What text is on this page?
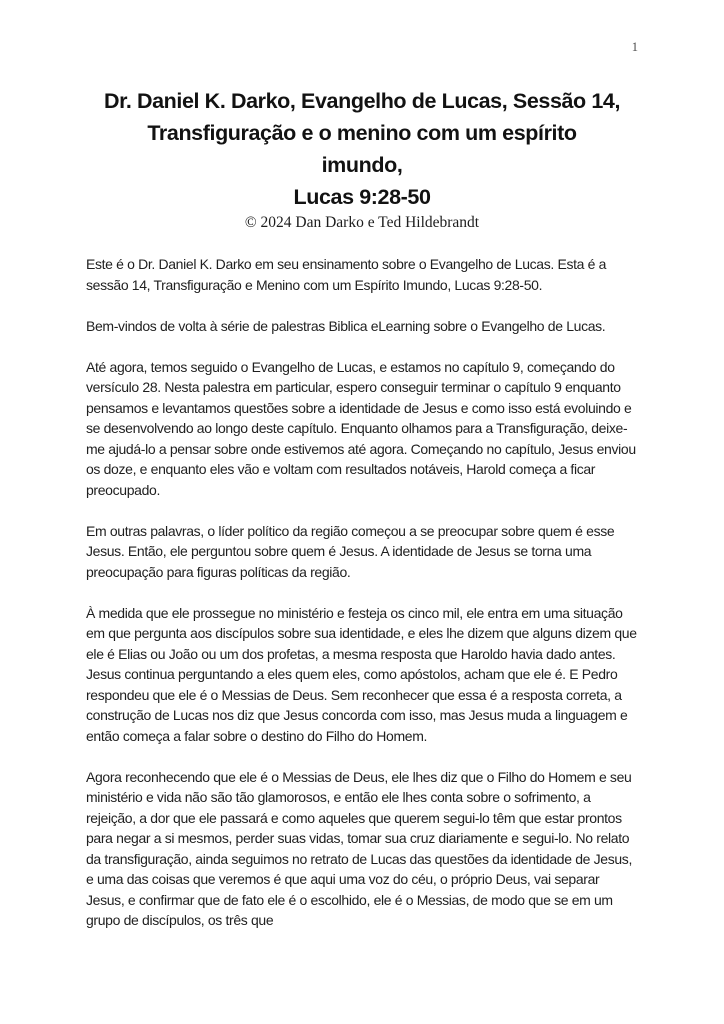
1
Dr. Daniel K. Darko, Evangelho de Lucas, Sessão 14,
Transfiguração e o menino com um espírito
imundo,
Lucas 9:28-50
© 2024 Dan Darko e Ted Hildebrandt

Este é o Dr. Daniel K. Darko em seu ensinamento sobre o Evangelho de Lucas. Esta é a sessão 14, Transfiguração e Menino com um Espírito Imundo, Lucas 9:28-50.

Bem-vindos de volta à série de palestras Biblica eLearning sobre o Evangelho de Lucas.

Até agora, temos seguido o Evangelho de Lucas, e estamos no capítulo 9, começando do versículo 28. Nesta palestra em particular, espero conseguir terminar o capítulo 9 enquanto pensamos e levantamos questões sobre a identidade de Jesus e como isso está evoluindo e se desenvolvendo ao longo deste capítulo. Enquanto olhamos para a Transfiguração, deixe-me ajudá-lo a pensar sobre onde estivemos até agora. Começando no capítulo, Jesus enviou os doze, e enquanto eles vão e voltam com resultados notáveis, Harold começa a ficar preocupado.

Em outras palavras, o líder político da região começou a se preocupar sobre quem é esse Jesus. Então, ele perguntou sobre quem é Jesus. A identidade de Jesus se torna uma preocupação para figuras políticas da região.

À medida que ele prossegue no ministério e festeja os cinco mil, ele entra em uma situação em que pergunta aos discípulos sobre sua identidade, e eles lhe dizem que alguns dizem que ele é Elias ou João ou um dos profetas, a mesma resposta que Haroldo havia dado antes. Jesus continua perguntando a eles quem eles, como apóstolos, acham que ele é. E Pedro respondeu que ele é o Messias de Deus. Sem reconhecer que essa é a resposta correta, a construção de Lucas nos diz que Jesus concorda com isso, mas Jesus muda a linguagem e então começa a falar sobre o destino do Filho do Homem.

Agora reconhecendo que ele é o Messias de Deus, ele lhes diz que o Filho do Homem e seu ministério e vida não são tão glamorosos, e então ele lhes conta sobre o sofrimento, a rejeição, a dor que ele passará e como aqueles que querem segui-lo têm que estar prontos para negar a si mesmos, perder suas vidas, tomar sua cruz diariamente e segui-lo. No relato da transfiguração, ainda seguimos no retrato de Lucas das questões da identidade de Jesus, e uma das coisas que veremos é que aqui uma voz do céu, o próprio Deus, vai separar Jesus, e confirmar que de fato ele é o escolhido, ele é o Messias, de modo que se em um grupo de discípulos, os três que
